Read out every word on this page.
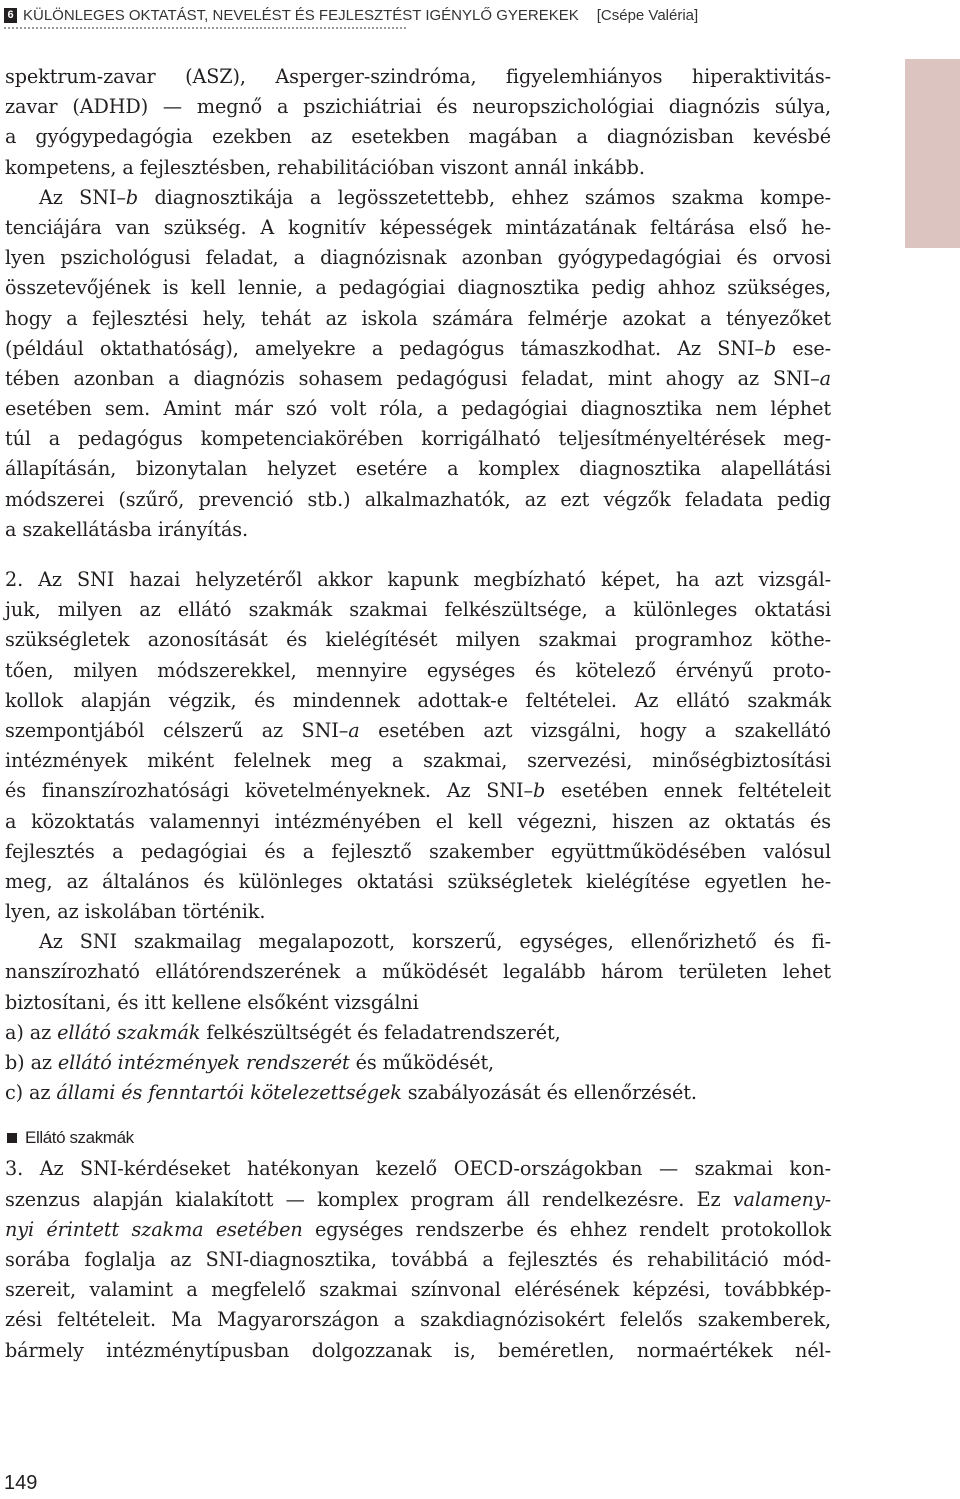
6 KÜLÖNLEGES OKTATÁST, NEVELÉST ÉS FEJLESZTÉST IGÉNYLŐ GYEREKEK [Csépe Valéria]
spektrum-zavar (ASZ), Asperger-szindróma, figyelemhiányos hiperaktivitás-
zavar (ADHD) — megnő a pszichiátriai és neuropszichológiai diagnózis súlya,
a gyógypedagógia ezekben az esetekben magában a diagnózisban kevésbé
kompetens, a fejlesztésben, rehabilitációban viszont annál inkább.
Az SNI–b diagnosztikája a legösszetettebb, ehhez számos szakma kompe-
tenciájára van szükség. A kognitív képességek mintázatának feltárása első he-
lyen pszichológusi feladat, a diagnózisnak azonban gyógypedagógiai és orvosi
összetevőjének is kell lennie, a pedagógiai diagnosztika pedig ahhoz szükséges,
hogy a fejlesztési hely, tehát az iskola számára felmérje azokat a tényezőket
(például oktathatóság), amelyekre a pedagógus támaszkodhat. Az SNI–b ese-
tében azonban a diagnózis sohasem pedagógusi feladat, mint ahogy az SNI–a
esetében sem. Amint már szó volt róla, a pedagógiai diagnosztika nem léphet
túl a pedagógus kompetenciakörében korrigálható teljesítményeltérések meg-
állapításán, bizonytalan helyzet esetére a komplex diagnosztika alapellátási
módszerei (szűrő, prevenció stb.) alkalmazhatók, az ezt végzők feladata pedig
a szakellátásba irányítás.
2. Az SNI hazai helyzetéről akkor kapunk megbízható képet, ha azt vizsgál-
juk, milyen az ellátó szakmák szakmai felkészültsége, a különleges oktatási
szükségletek azonosítását és kielégítését milyen szakmai programhoz köthe-
tően, milyen módszerekkel, mennyire egységes és kötelező érvényű proto-
kollok alapján végzik, és mindennek adottak-e feltételei. Az ellátó szakmák
szempontjából célszerű az SNI–a esetében azt vizsgálni, hogy a szakellátó
intézmények miként felelnek meg a szakmai, szervezési, minőségbiztosítási
és finanszírozhatósági követelményeknek. Az SNI–b esetében ennek feltételeit
a közoktatás valamennyi intézményében el kell végezni, hiszen az oktatás és
fejlesztés a pedagógiai és a fejlesztő szakember együttműködésében valósul
meg, az általános és különleges oktatási szükségletek kielégítése egyetlen he-
lyen, az iskolában történik.
Az SNI szakmailag megalapozott, korszerű, egységes, ellenőrizhető és fi-
nanszírozható ellátórendszerének a működését legalább három területen lehet
biztosítani, és itt kellene elsőként vizsgálni
a) az ellátó szakmák felkészültségét és feladatrendszerét,
b) az ellátó intézmények rendszerét és működését,
c) az állami és fenntartói kötelezettségek szabályozását és ellenőrzését.
Ellátó szakmák
3. Az SNI-kérdéseket hatékonyan kezelő OECD-országokban — szakmai kon-
szenzus alapján kialakított — komplex program áll rendelkezésre. Ez valameny-
nyi érintett szakma esetében egységes rendszerbe és ehhez rendelt protokollok
sorába foglalja az SNI-diagnosztika, továbbá a fejlesztés és rehabilitáció mód-
szereit, valamint a megfelelő szakmai színvonal elérésének képzési, továbbkép-
zési feltételeit. Ma Magyarországon a szakdiagnózisokért felelős szakemberek,
bármely intézménytípusban dolgozzanak is, beméretlen, normaértékek nél-
149
